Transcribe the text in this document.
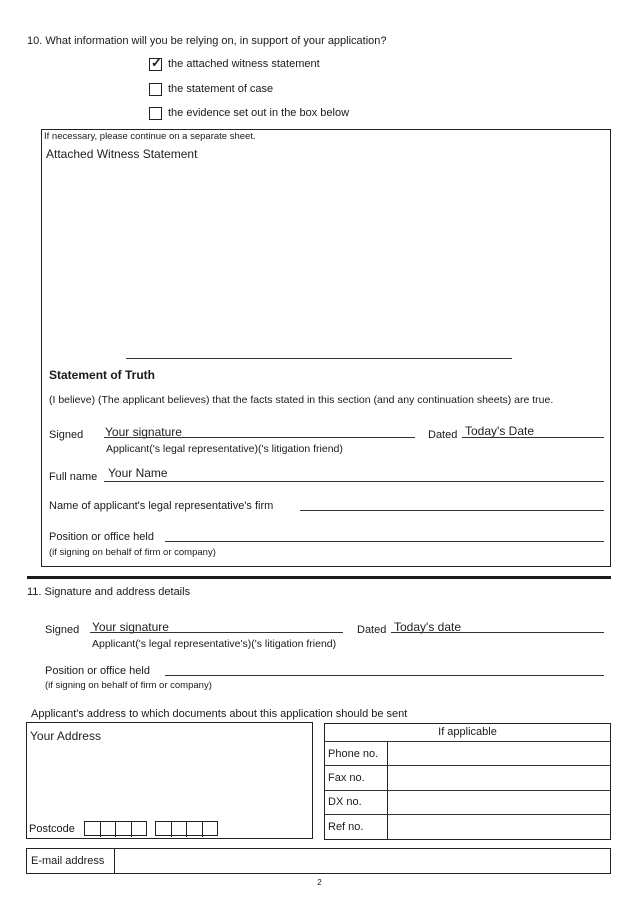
10. What information will you be relying on, in support of your application?
✓ the attached witness statement
the statement of case
the evidence set out in the box below
If necessary, please continue on a separate sheet.
Attached Witness Statement
Statement of Truth
(I believe) (The applicant believes) that the facts stated in this section (and any continuation sheets) are true.
Signed Your signature
Applicant('s legal representative)('s litigation friend)
Dated Today's Date
Full name Your Name
Name of applicant's legal representative's firm
Position or office held
(if signing on behalf of firm or company)
11. Signature and address details
Signed Your signature
Applicant('s legal representative's)('s litigation friend)
Dated Today's date
Position or office held
(if signing on behalf of firm or company)
Applicant's address to which documents about this application should be sent
Your Address
Postcode
If applicable
Phone no.
Fax no.
DX no.
Ref no.
E-mail address
2
